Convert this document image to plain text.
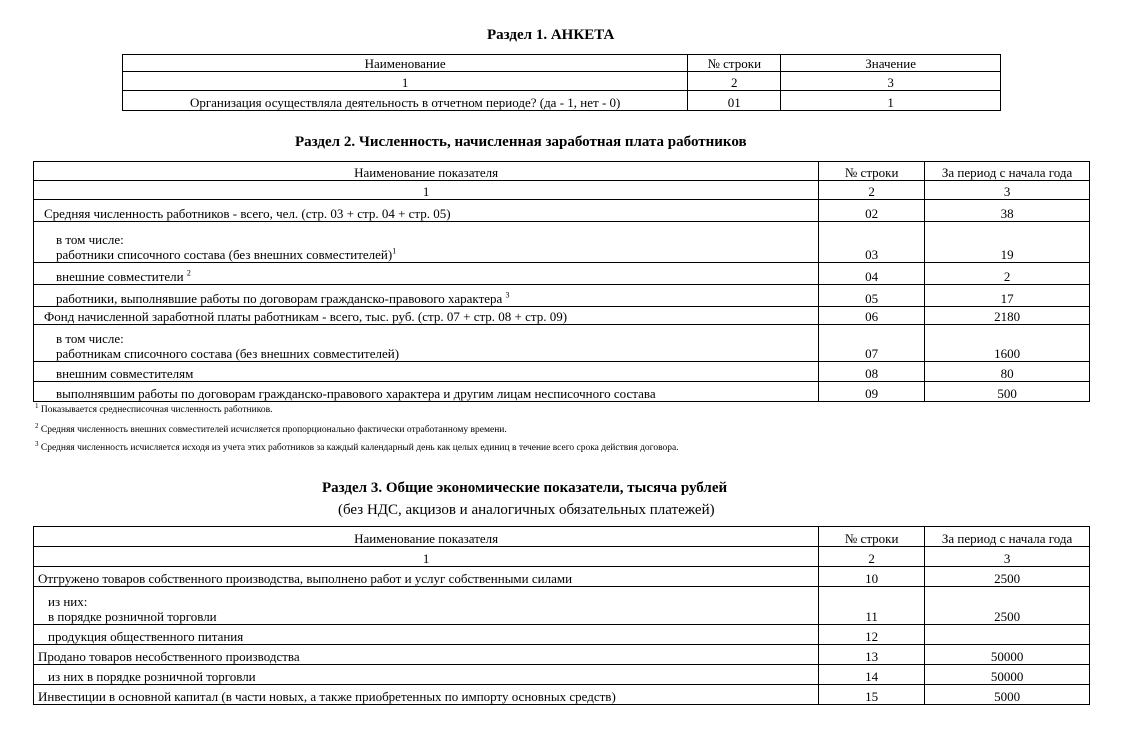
Раздел 1. АНКЕТА
Наименование	№ строки	Значение
1	2	3
Организация осуществляла деятельность в отчетном периоде? (да - 1, нет - 0)	01	1
Раздел 2. Численность, начисленная заработная плата работников
Наименование показателя	№ строки	За период с начала года
1	2	3
Средняя численность работников - всего, чел. (стр. 03 + стр. 04 + стр. 05)	02	38

в том числе:
работники списочного состава (без внешних совместителей)$^1$	03	19
внешние совместители $^2$	04	2
работники, выполнявшие работы по договорам гражданско-правового характера $^3$	05	17
Фонд начисленной заработной платы работникам - всего, тыс. руб. (стр. 07 + стр. 08 + стр. 09)	06	2180

в том числе:
работникам списочного состава (без внешних совместителей)	07	1600
внешним совместителям	08	80
выполнявшим работы по договорам гражданско-правового характера и другим лицам несписочного состава	09	500
$^1$ Показывается среднесписочная численность работников.
$^2$ Средняя численность внешних совместителей исчисляется пропорционально фактически отработанному времени.
$^3$ Средняя численность исчисляется исходя из учета этих работников за каждый календарный день как целых единиц в течение всего срока действия договора.
Раздел 3. Общие экономические показатели, тысяча рублей
(без НДС, акцизов и аналогичных обязательных платежей)
Наименование показателя	№ строки	За период с начала года
1	2	3
Отгружено товаров собственного производства, выполнено работ и услуг собственными силами	10	2500

из них:
в порядке розничной торговли	11	2500
продукция общественного питания	12	
Продано товаров несобственного производства	13	50000
из них в порядке розничной торговли	14	50000
Инвестиции в основной капитал (в части новых, а также приобретенных по импорту основных средств)	15	5000
